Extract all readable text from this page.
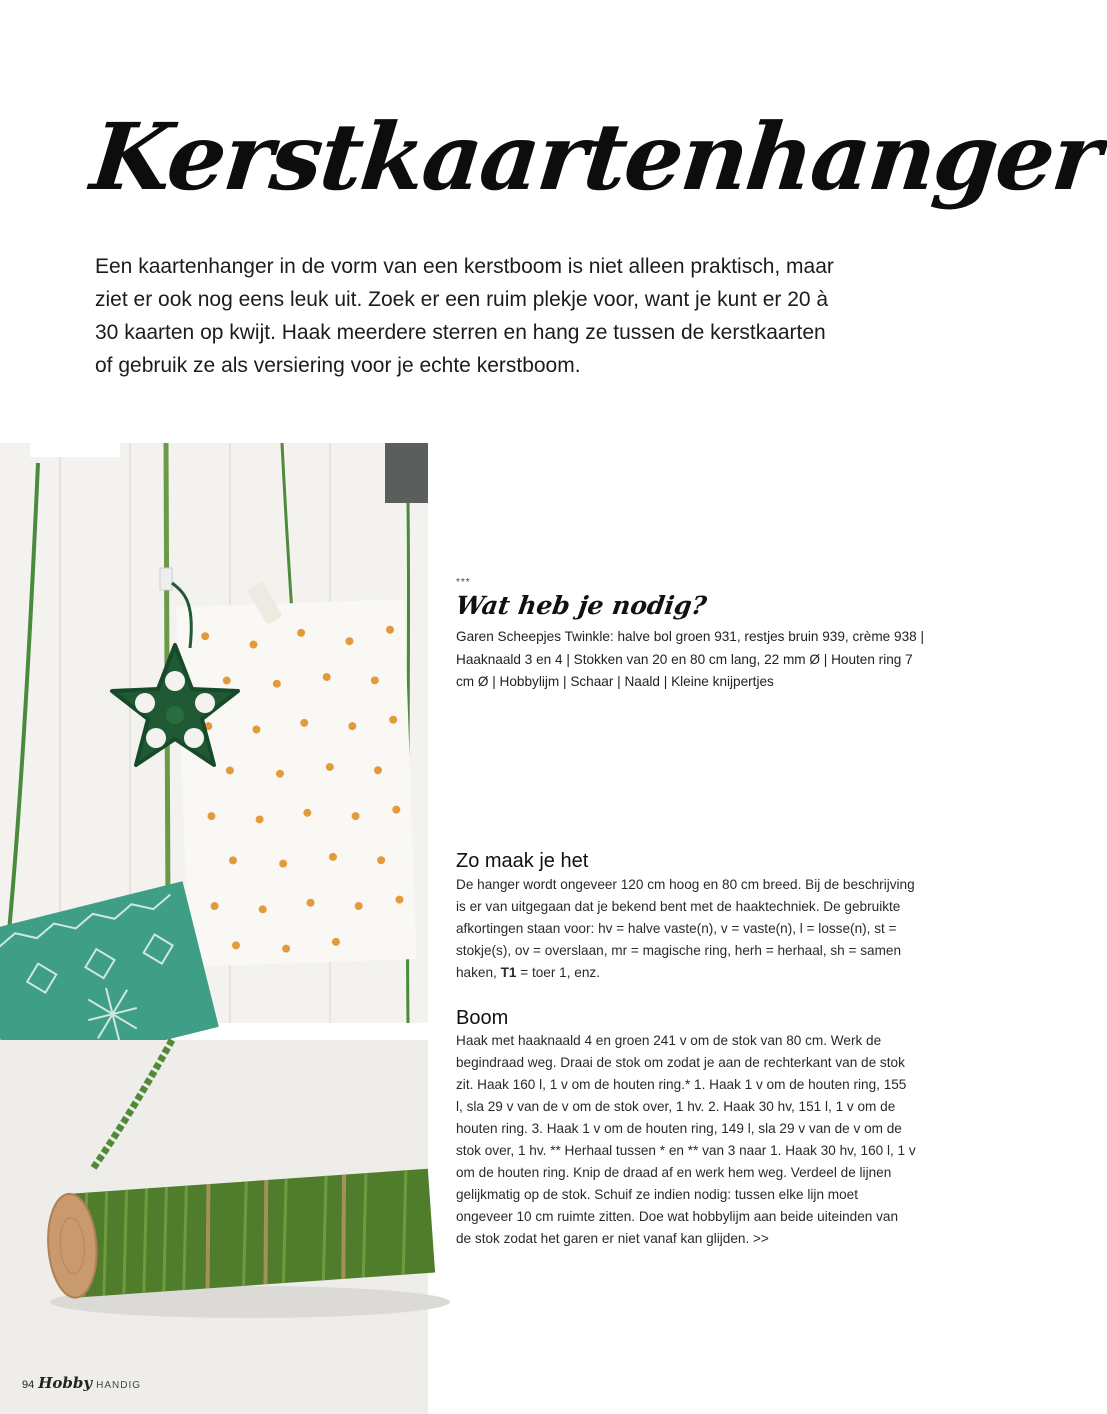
Kerstkaartenhanger

Een kaartenhanger in de vorm van een kerstboom is niet alleen praktisch, maar ziet er ook nog eens leuk uit. Zoek er een ruim plekje voor, want je kunt er 20 à 30 kaarten op kwijt. Haak meerdere sterren en hang ze tussen de kerstkaarten of gebruik ze als versiering voor je echte kerstboom.

***
Wat heb je nodig?

Garen Scheepjes Twinkle: halve bol groen 931, restjes bruin 939, crème 938 | Haaknaald 3 en 4 | Stokken van 20 en 80 cm lang, 22 mm Ø | Houten ring 7 cm Ø | Hobbylijm | Schaar | Naald | Kleine knijpertjes

Zo maak je het

De hanger wordt ongeveer 120 cm hoog en 80 cm breed. Bij de beschrijving is er van uitgegaan dat je bekend bent met de haaktechniek. De gebruikte afkortingen staan voor: hv = halve vaste(n), v = vaste(n), l = losse(n), st = stokje(s), ov = overslaan, mr = magische ring, herh = herhaal, sh = samen haken, T1 = toer 1, enz.

Boom

Haak met haaknaald 4 en groen 241 v om de stok van 80 cm. Werk de begindraad weg. Draai de stok om zodat je aan de rechterkant van de stok zit. Haak 160 l, 1 v om de houten ring.* 1. Haak 1 v om de houten ring, 155 l, sla 29 v van de v om de stok over, 1 hv. 2. Haak 30 hv, 151 l, 1 v om de houten ring. 3. Haak 1 v om de houten ring, 149 l, sla 29 v van de v om de stok over, 1 hv. ** Herhaal tussen * en ** van 3 naar 1. Haak 30 hv, 160 l, 1 v om de houten ring. Knip de draad af en werk hem weg. Verdeel de lijnen gelijkmatig op de stok. Schuif ze indien nodig: tussen elke lijn moet ongeveer 10 cm ruimte zitten. Doe wat hobbylijm aan beide uiteinden van de stok zodat het garen er niet vanaf kan glijden. >>

94 Hobby HANDIG
